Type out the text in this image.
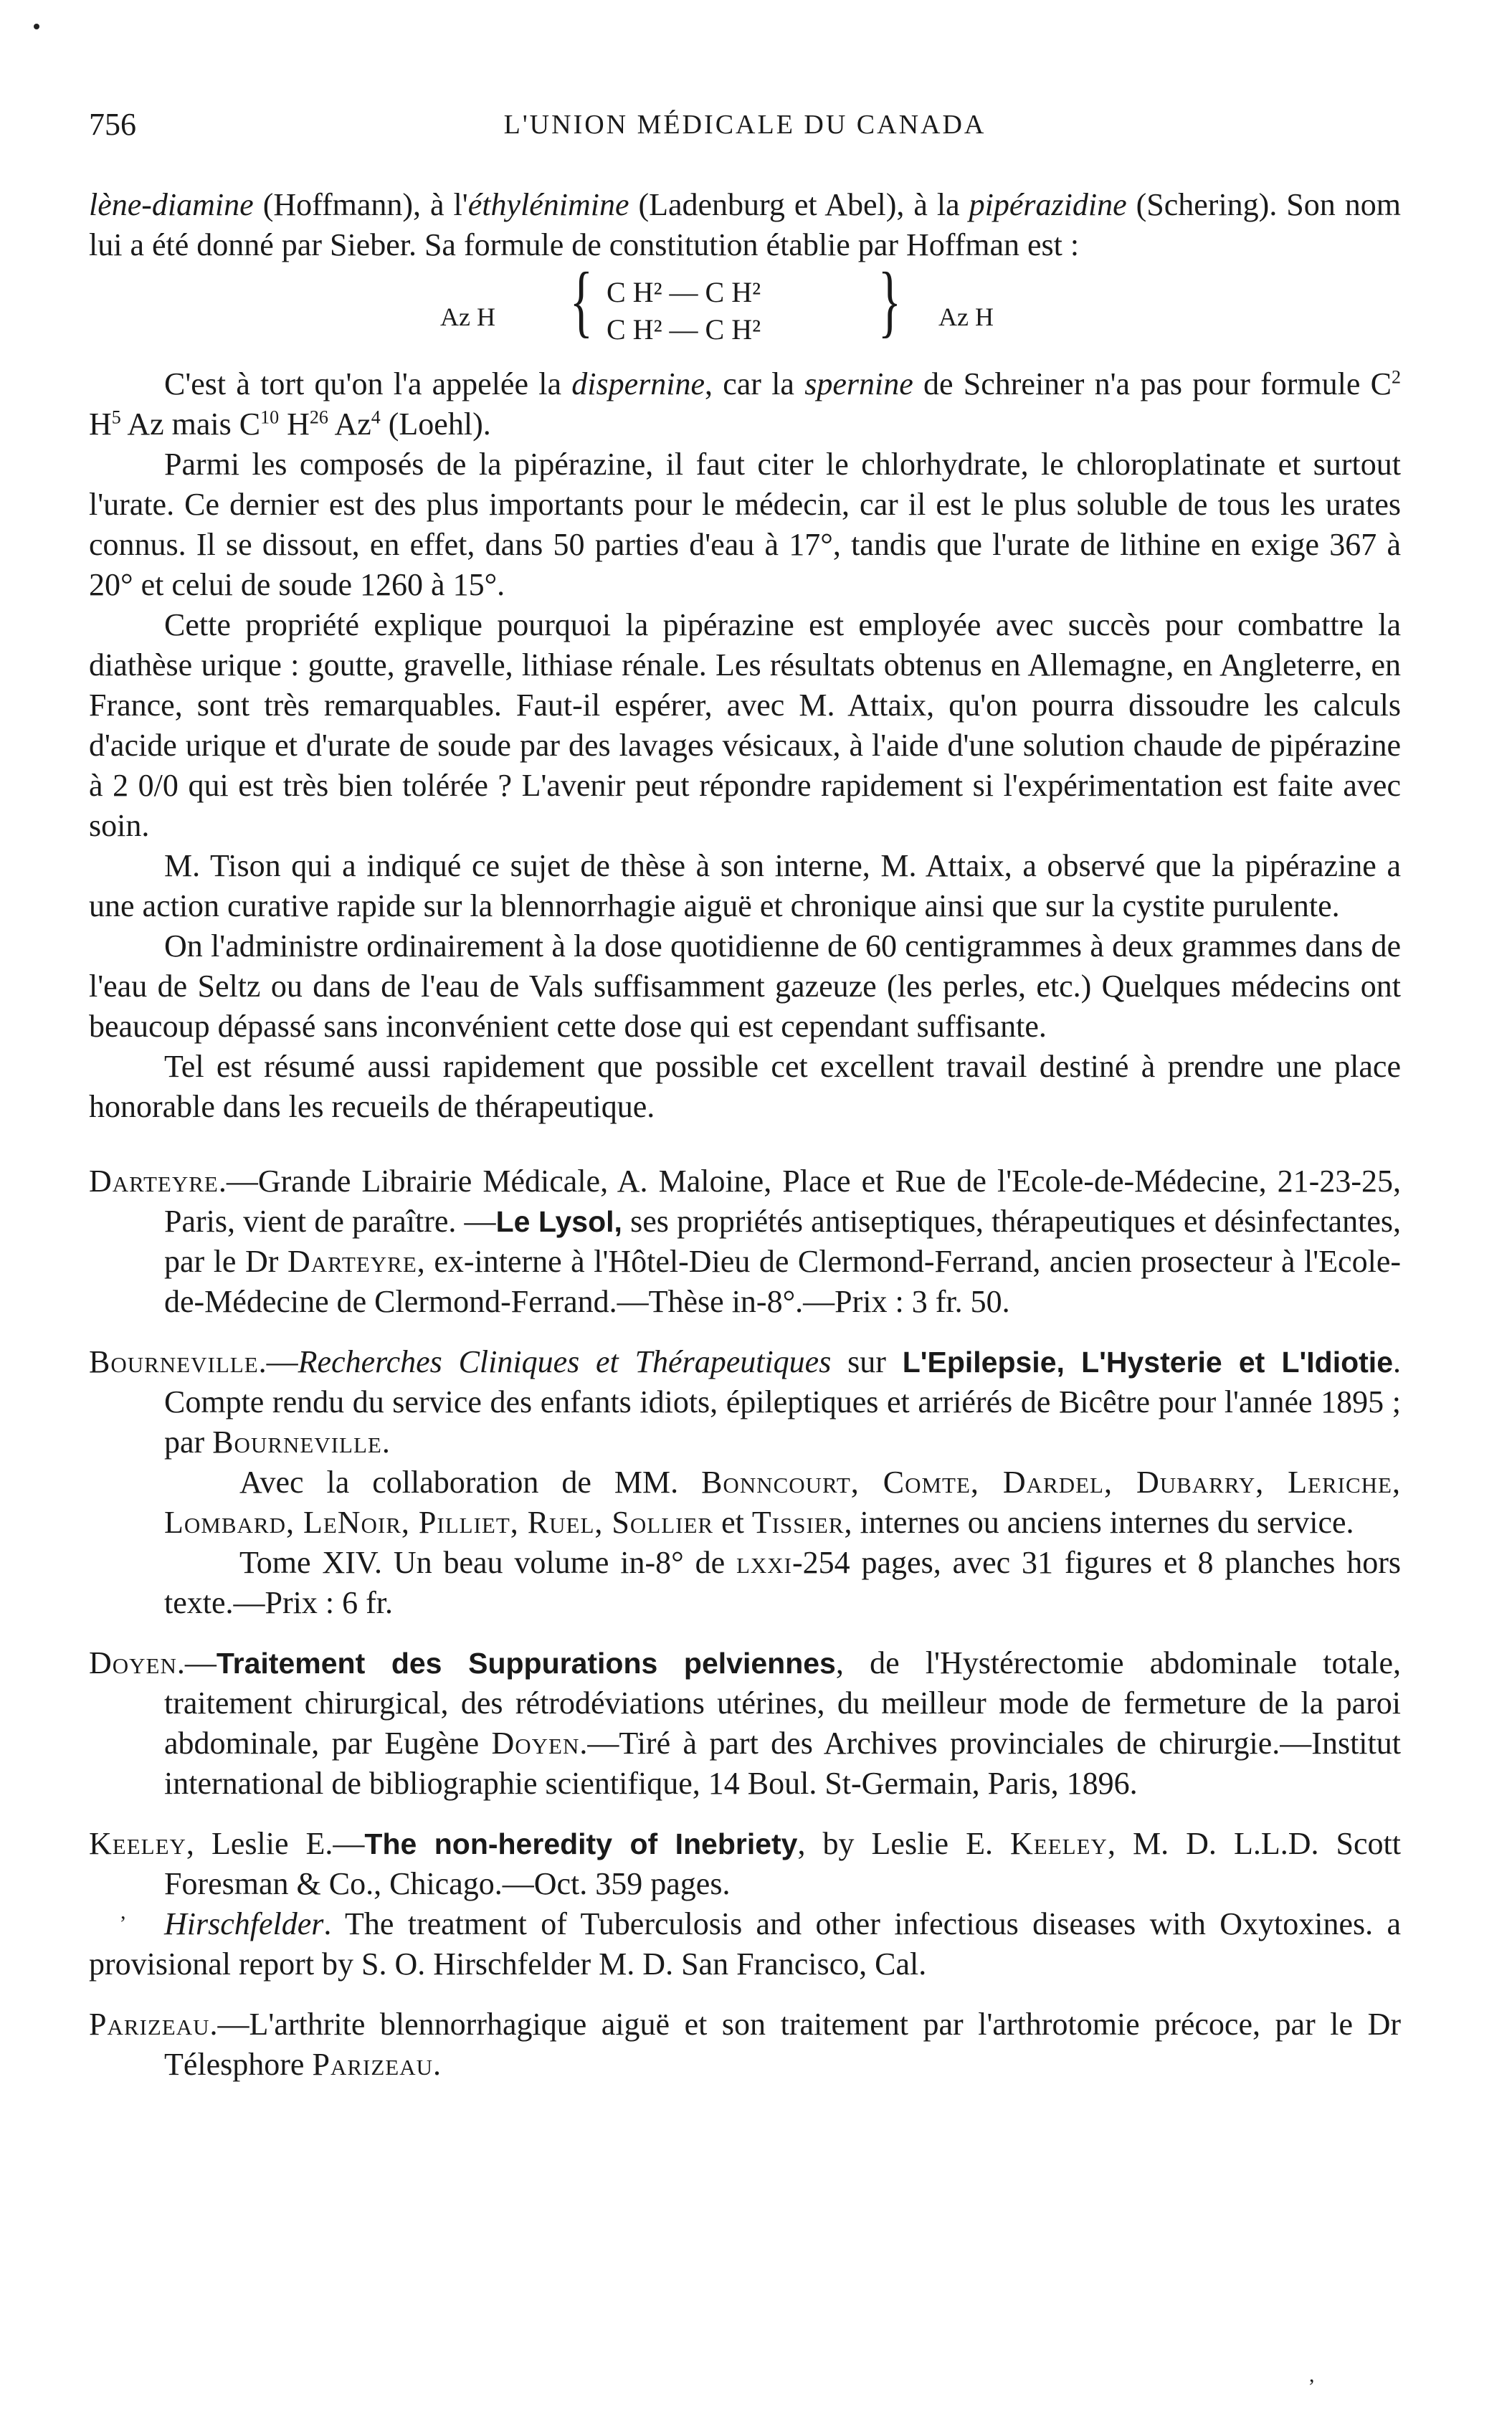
,
,
756	L'UNION MÉDICALE DU CANADA

lène-diamine (Hoffmann), à l'éthylénimine (Ladenburg et Abel), à la pipérazidine (Schering). Son nom lui a été donné par Sieber. Sa formule de constitution établie par Hoffman est :

Az H { C H² — C H²
C H² — C H² } Az H

C'est à tort qu'on l'a appelée la dispernine, car la spernine de Schreiner n'a pas pour formule $C^2$ $H^5$ Az mais $C^{10}$ $H^{26}$ Az$^4$ (Loehl).

Parmi les composés de la pipérazine, il faut citer le chlorhydrate, le chloroplatinate et surtout l'urate. Ce dernier est des plus importants pour le médecin, car il est le plus soluble de tous les urates connus. Il se dissout, en effet, dans 50 parties d'eau à 17°, tandis que l'urate de lithine en exige 367 à 20° et celui de soude 1260 à 15°.

Cette propriété explique pourquoi la pipérazine est employée avec succès pour combattre la diathèse urique : goutte, gravelle, lithiase rénale. Les résultats obtenus en Allemagne, en Angleterre, en France, sont très remarquables. Faut-il espérer, avec M. Attaix, qu'on pourra dissoudre les calculs d'acide urique et d'urate de soude par des lavages vésicaux, à l'aide d'une solution chaude de pipérazine à 2 0/0 qui est très bien tolérée ? L'avenir peut répondre rapidement si l'expérimentation est faite avec soin.

M. Tison qui a indiqué ce sujet de thèse à son interne, M. Attaix, a observé que la pipérazine a une action curative rapide sur la blennorrhagie aiguë et chronique ainsi que sur la cystite purulente.

On l'administre ordinairement à la dose quotidienne de 60 centigrammes à deux grammes dans de l'eau de Seltz ou dans de l'eau de Vals suffisamment gazeuze (les perles, etc.) Quelques médecins ont beaucoup dépassé sans inconvénient cette dose qui est cependant suffisante.

Tel est résumé aussi rapidement que possible cet excellent travail destiné à prendre une place honorable dans les recueils de thérapeutique.

Darteyre.—Grande Librairie Médicale, A. Maloine, Place et Rue de l'Ecole-de-Médecine, 21-23-25, Paris, vient de paraître. —Le Lysol, ses propriétés antiseptiques, thérapeutiques et désinfectantes, par le Dr Darteyre, ex-interne à l'Hôtel-Dieu de Clermond-Ferrand, ancien prosecteur à l'Ecole-de-Médecine de Clermond-Ferrand.—Thèse in-8°.—Prix : 3 fr. 50.

Bourneville.—Recherches Cliniques et Thérapeutiques sur L'Epilepsie, L'Hysterie et L'Idiotie. Compte rendu du service des enfants idiots, épileptiques et arriérés de Bicêtre pour l'année 1895 ; par Bourneville.

Avec la collaboration de MM. Bonncourt, Comte, Dardel, Dubarry, Leriche, Lombard, LeNoir, Pilliet, Ruel, Sollier et Tissier, internes ou anciens internes du service.

Tome XIV. Un beau volume in-8° de lxxi-254 pages, avec 31 figures et 8 planches hors texte.—Prix : 6 fr.

Doyen.—Traitement des Suppurations pelviennes, de l'Hystérectomie abdominale totale, traitement chirurgical, des rétrodéviations utérines, du meilleur mode de fermeture de la paroi abdominale, par Eugène Doyen.—Tiré à part des Archives provinciales de chirurgie.—Institut international de bibliographie scientifique, 14 Boul. St-Germain, Paris, 1896.

Keeley, Leslie E.—The non-heredity of Inebriety, by Leslie E. Keeley, M. D. L.L.D. Scott Foresman & Co., Chicago.—Oct. 359 pages.

Hirschfelder. The treatment of Tuberculosis and other infectious diseases with Oxytoxines. a provisional report by S. O. Hirschfelder M. D. San Francisco, Cal.

Parizeau.—L'arthrite blennorrhagique aiguë et son traitement par l'arthrotomie précoce, par le Dr Télesphore Parizeau.
